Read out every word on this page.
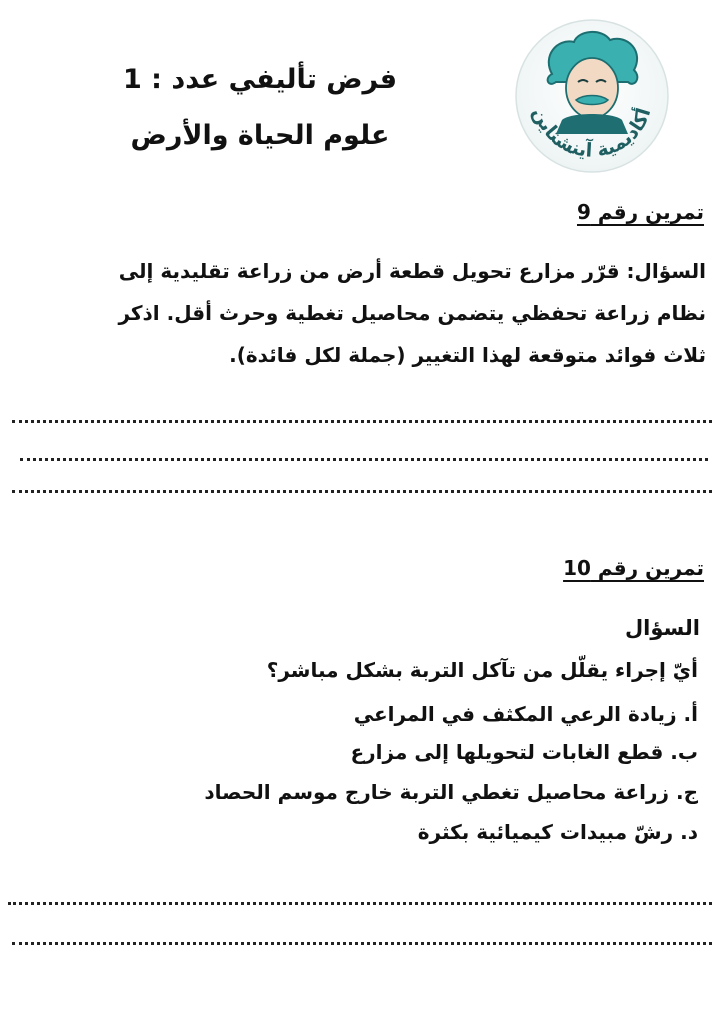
فرض تأليفي عدد : 1
علوم الحياة والأرض
أكاديمية آينشتاين
تمرين رقم 9
السؤال: قرّر مزارع تحويل قطعة أرض من زراعة تقليدية إلى
نظام زراعة تحفظي يتضمن محاصيل تغطية وحرث أقل. اذكر
ثلاث فوائد متوقعة لهذا التغيير (جملة لكل فائدة).
تمرين رقم 10
السؤال
أيّ إجراء يقلّل من تآكل التربة بشكل مباشر؟
أ. زيادة الرعي المكثف في المراعي
ب. قطع الغابات لتحويلها إلى مزارع
ج. زراعة محاصيل تغطي التربة خارج موسم الحصاد
د. رشّ مبيدات كيميائية بكثرة
